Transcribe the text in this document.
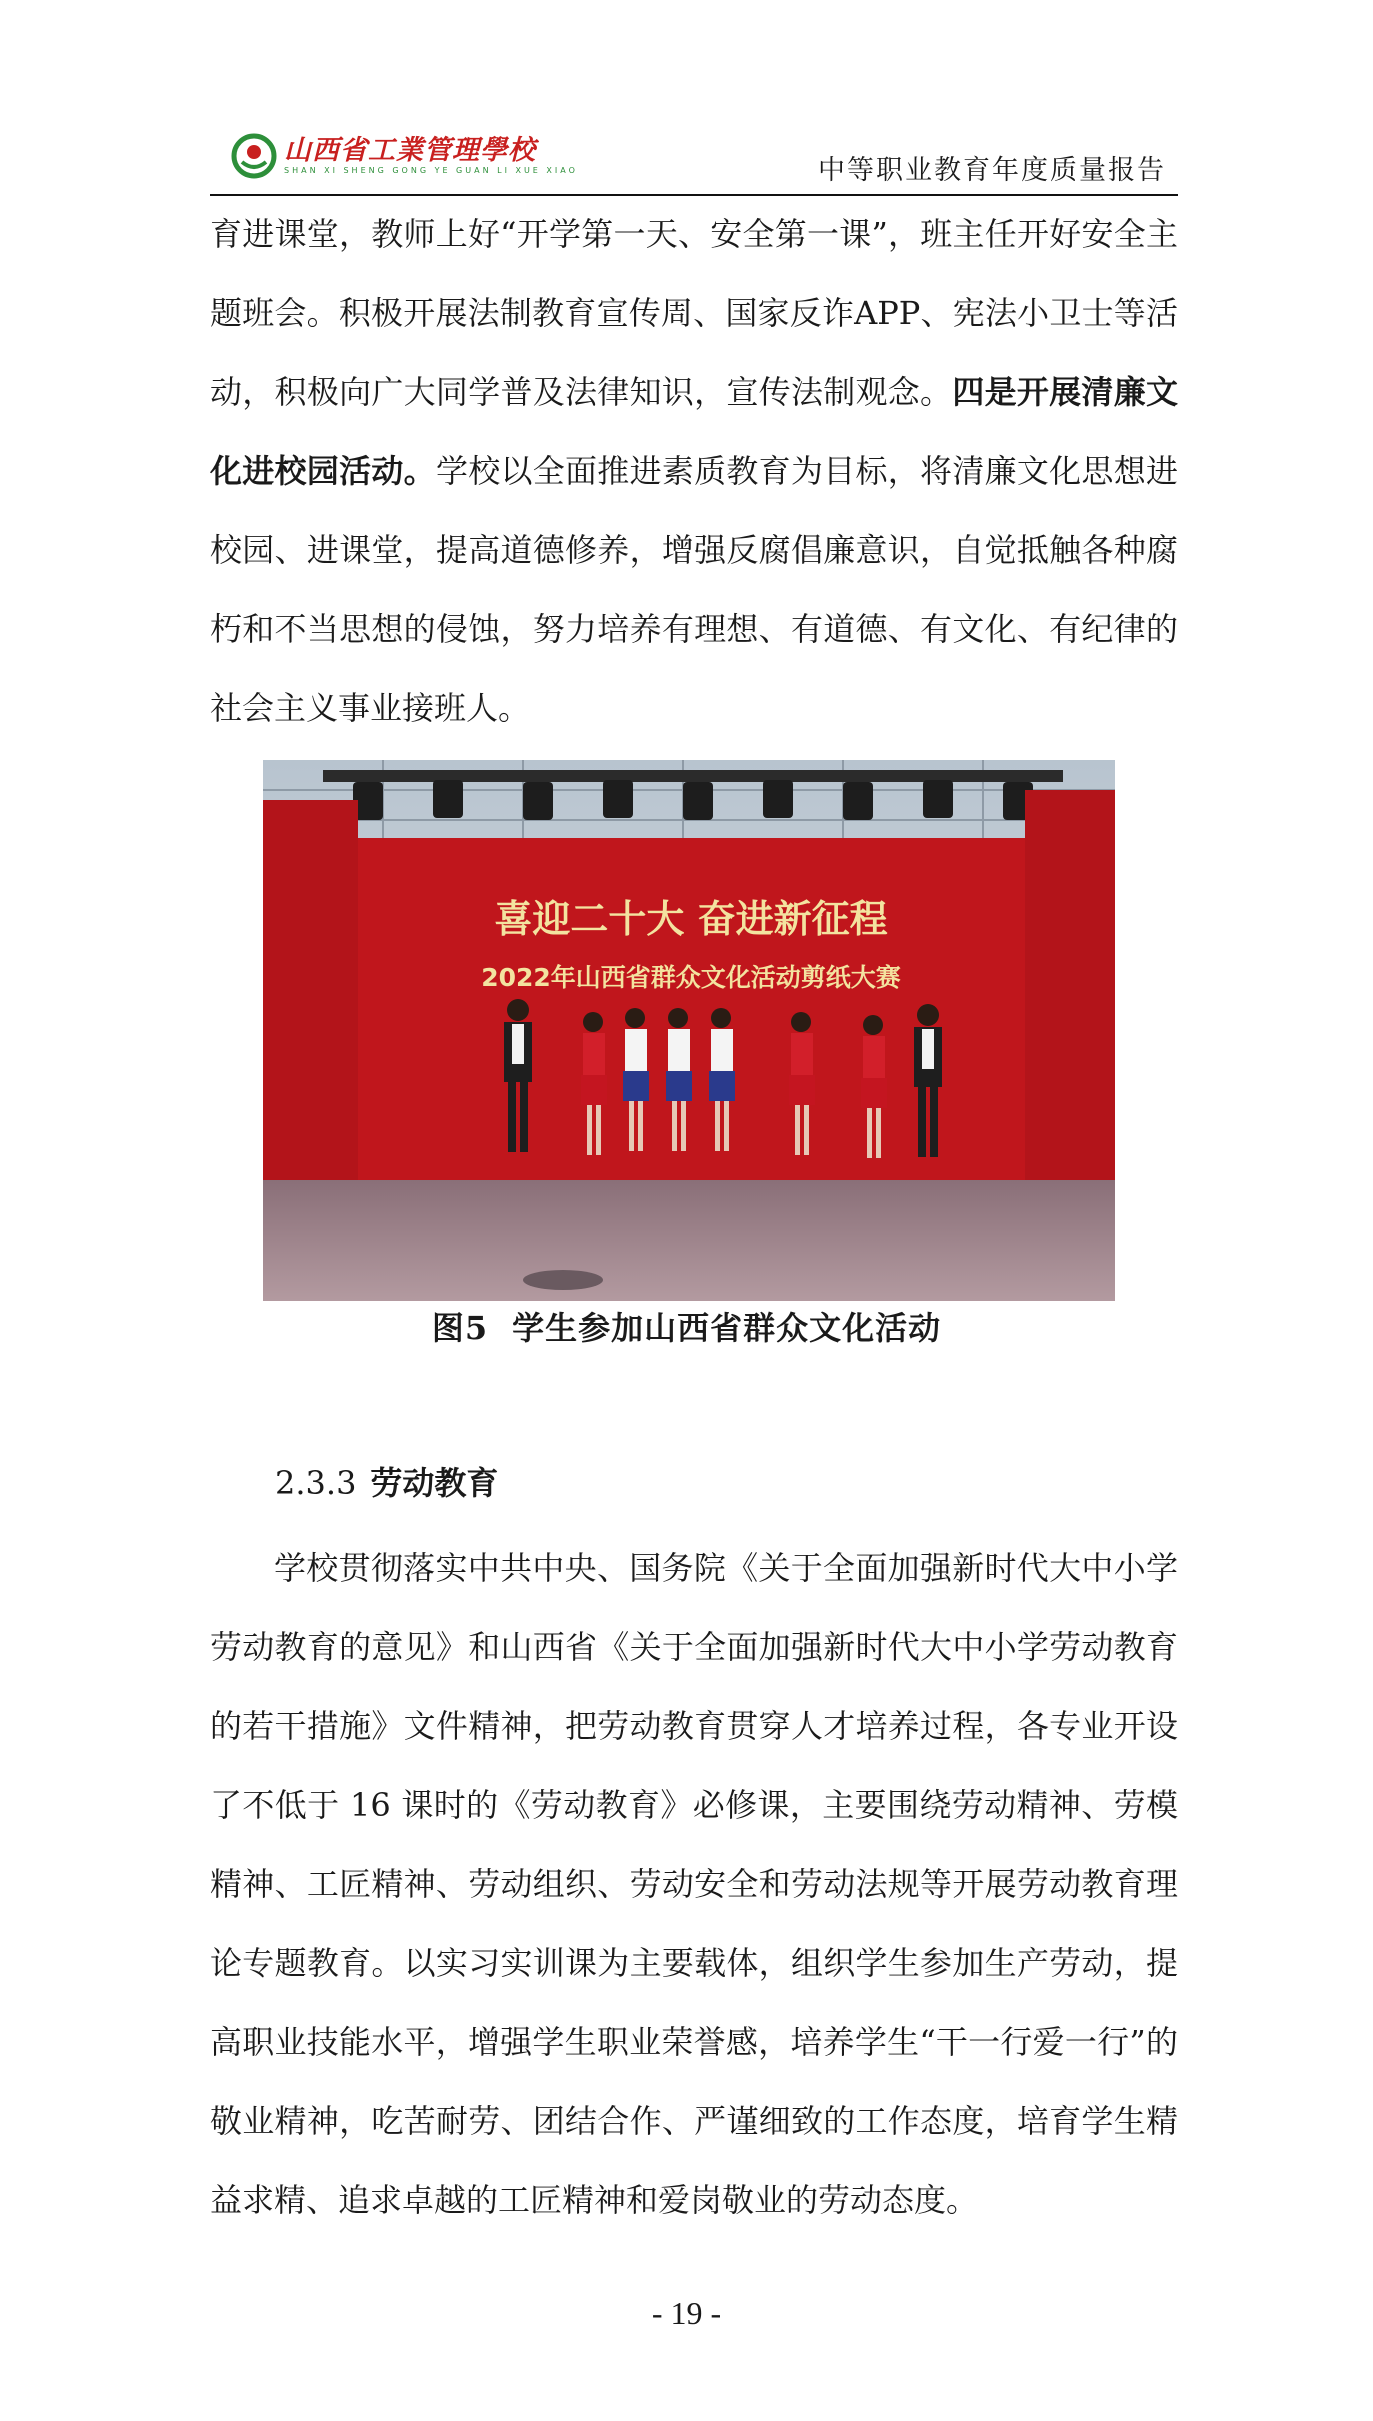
山西省工業管理學校
SHAN XI SHENG GONG YE GUAN LI XUE XIAO	中等职业教育年度质量报告

育进课堂，教师上好“开学第一天、安全第一课”，班主任开好安全主题班会。积极开展法制教育宣传周、国家反诈APP、宪法小卫士等活动，积极向广大同学普及法律知识，宣传法制观念。四是开展清廉文化进校园活动。学校以全面推进素质教育为目标，将清廉文化思想进校园、进课堂，提高道德修养，增强反腐倡廉意识，自觉抵触各种腐朽和不当思想的侵蚀，努力培养有理想、有道德、有文化、有纪律的社会主义事业接班人。

喜迎二十大 奋进新征程
2022年山西省群众文化活动剪纸大赛
图5 学生参加山西省群众文化活动
2.3.3 劳动教育

学校贯彻落实中共中央、国务院《关于全面加强新时代大中小学劳动教育的意见》和山西省《关于全面加强新时代大中小学劳动教育的若干措施》文件精神，把劳动教育贯穿人才培养过程，各专业开设了不低于 16 课时的《劳动教育》必修课，主要围绕劳动精神、劳模精神、工匠精神、劳动组织、劳动安全和劳动法规等开展劳动教育理论专题教育。以实习实训课为主要载体，组织学生参加生产劳动，提高职业技能水平，增强学生职业荣誉感，培养学生“干一行爱一行”的敬业精神，吃苦耐劳、团结合作、严谨细致的工作态度，培育学生精益求精、追求卓越的工匠精神和爱岗敬业的劳动态度。

- 19 -
